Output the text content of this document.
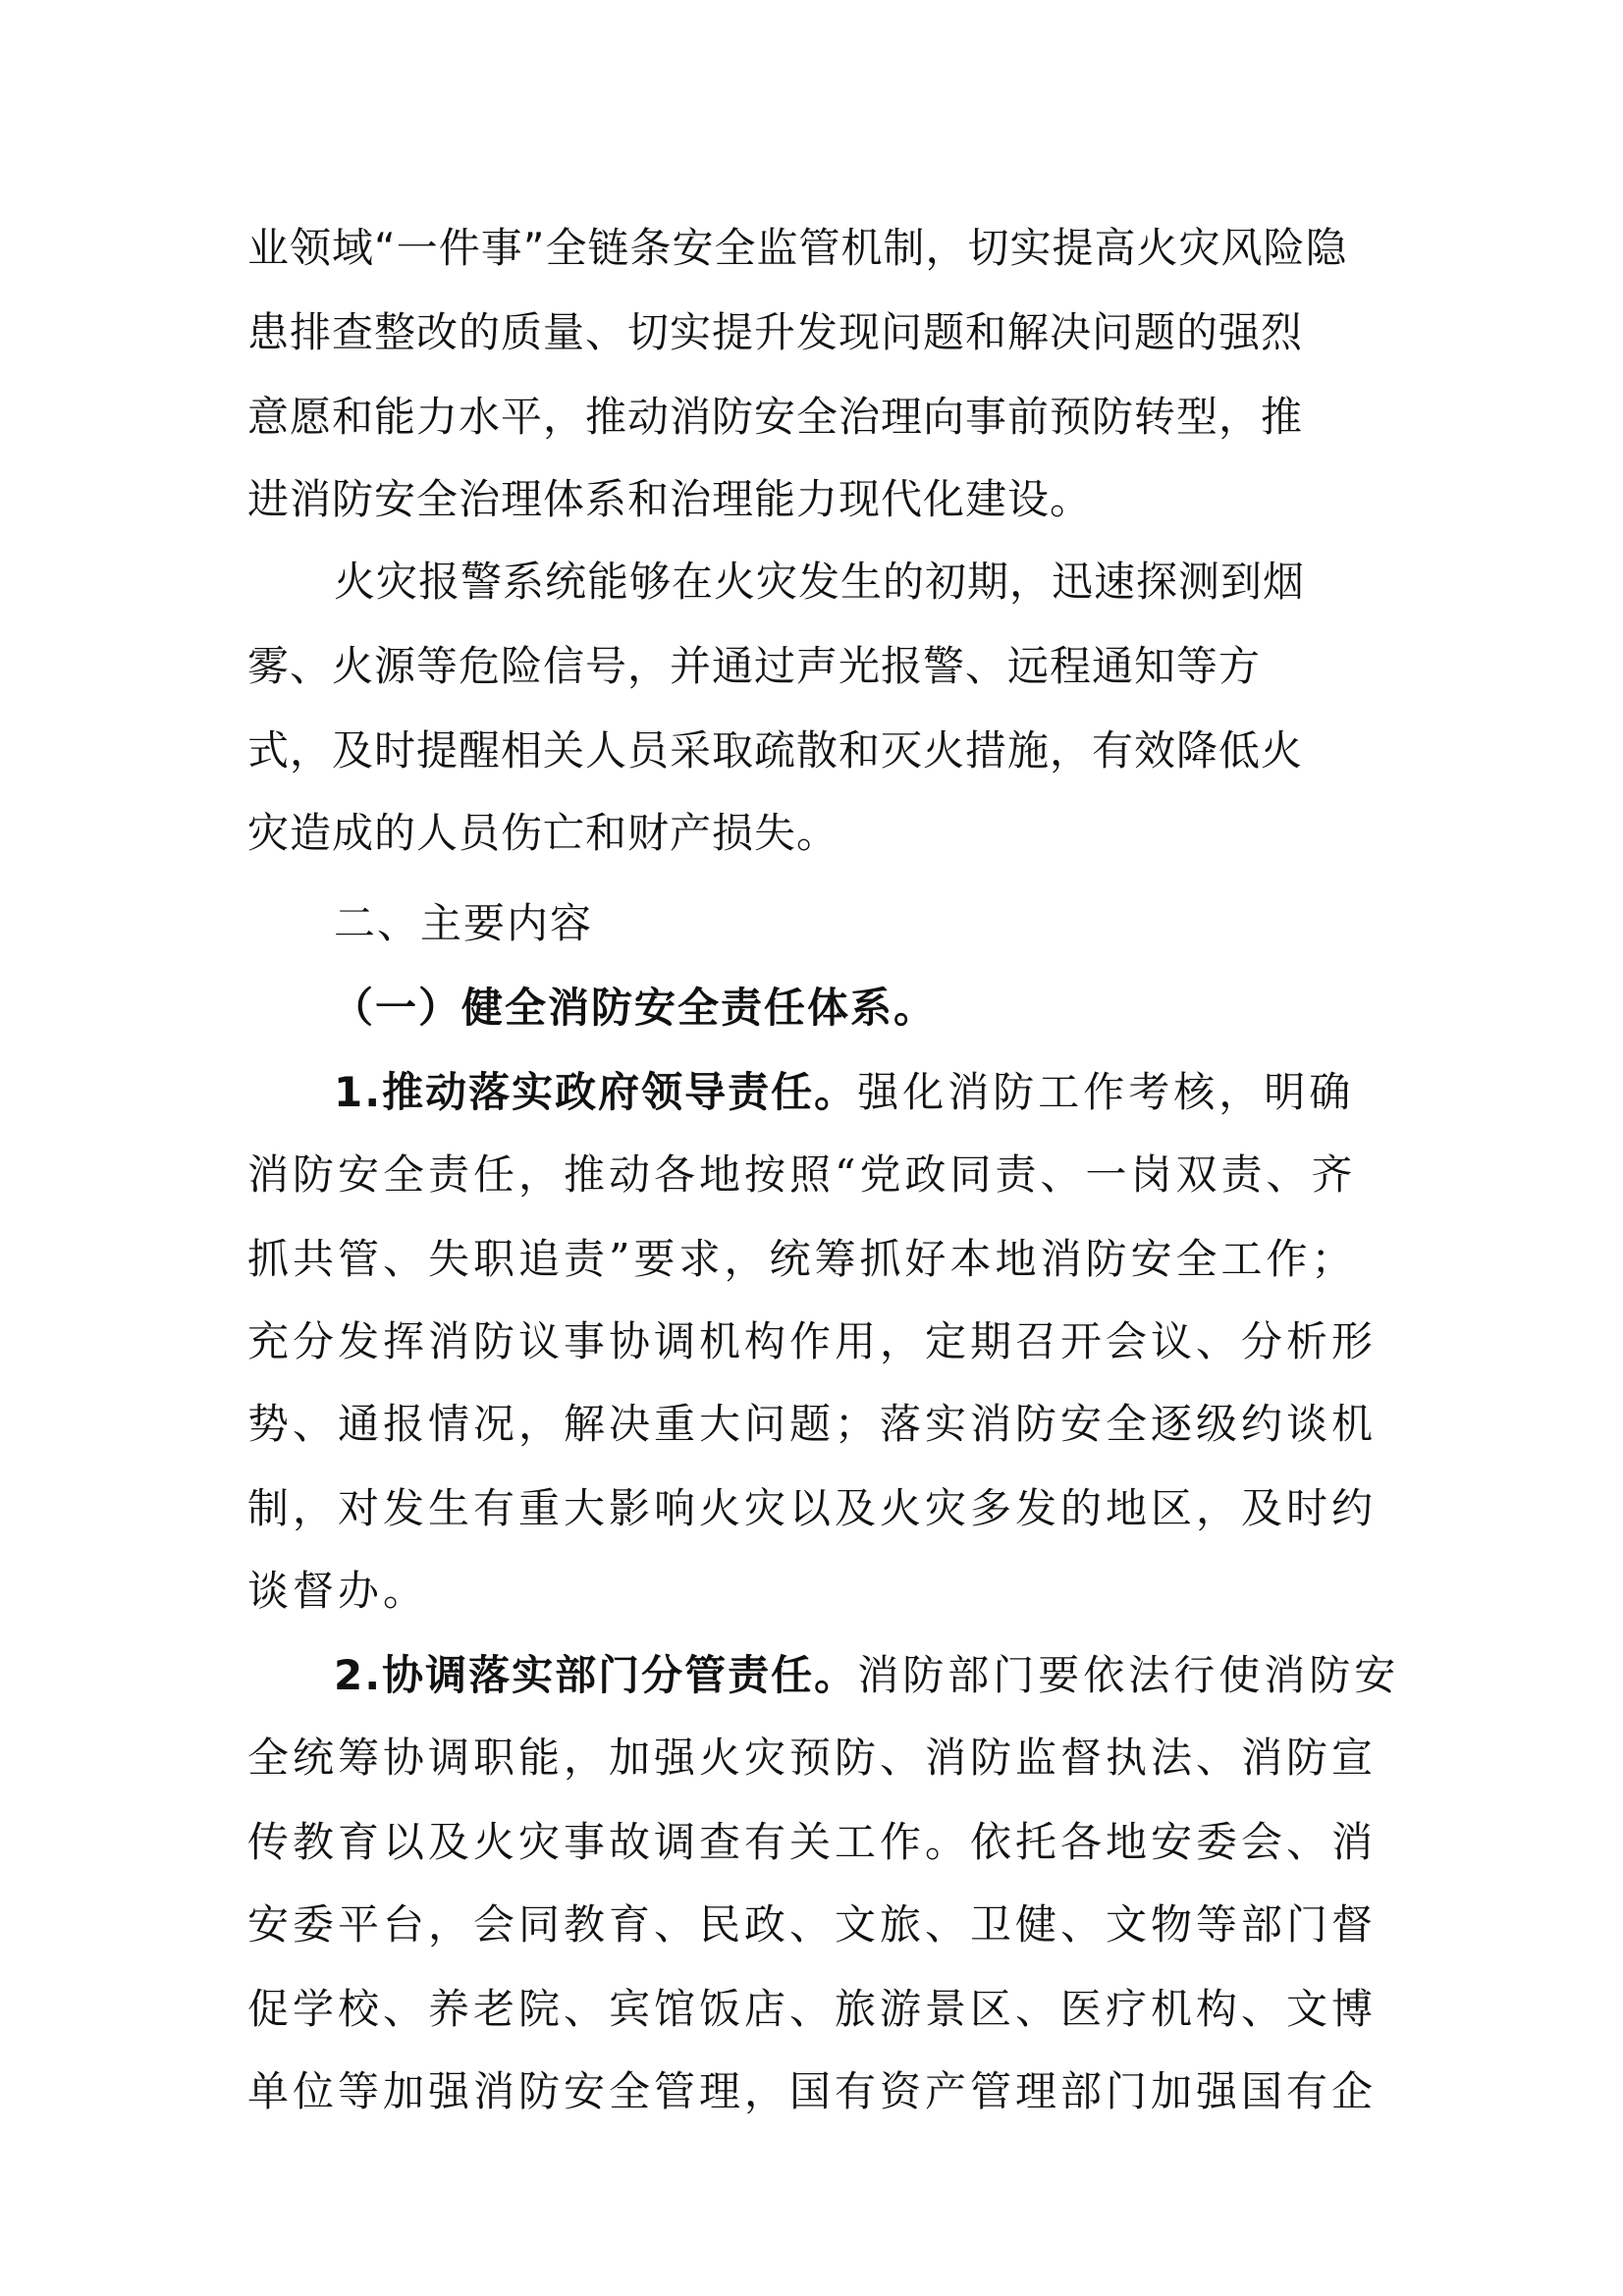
业领域“一件事”全链条安全监管机制，切实提高火灾风险隐
患排查整改的质量、切实提升发现问题和解决问题的强烈
意愿和能力水平，推动消防安全治理向事前预防转型，推
进消防安全治理体系和治理能力现代化建设。
火灾报警系统能够在火灾发生的初期，迅速探测到烟
雾、火源等危险信号，并通过声光报警、远程通知等方
式，及时提醒相关人员采取疏散和灭火措施，有效降低火
灾造成的人员伤亡和财产损失。
二、主要内容
（一）健全消防安全责任体系。
1.推动落实政府领导责任。强化消防工作考核，明确
消防安全责任，推动各地按照“党政同责、一岗双责、齐
抓共管、失职追责”要求，统筹抓好本地消防安全工作；
充分发挥消防议事协调机构作用，定期召开会议、分析形
势、通报情况，解决重大问题；落实消防安全逐级约谈机
制，对发生有重大影响火灾以及火灾多发的地区，及时约
谈督办。
2.协调落实部门分管责任。消防部门要依法行使消防安
全统筹协调职能，加强火灾预防、消防监督执法、消防宣
传教育以及火灾事故调查有关工作。依托各地安委会、消
安委平台，会同教育、民政、文旅、卫健、文物等部门督
促学校、养老院、宾馆饭店、旅游景区、医疗机构、文博
单位等加强消防安全管理，国有资产管理部门加强国有企
